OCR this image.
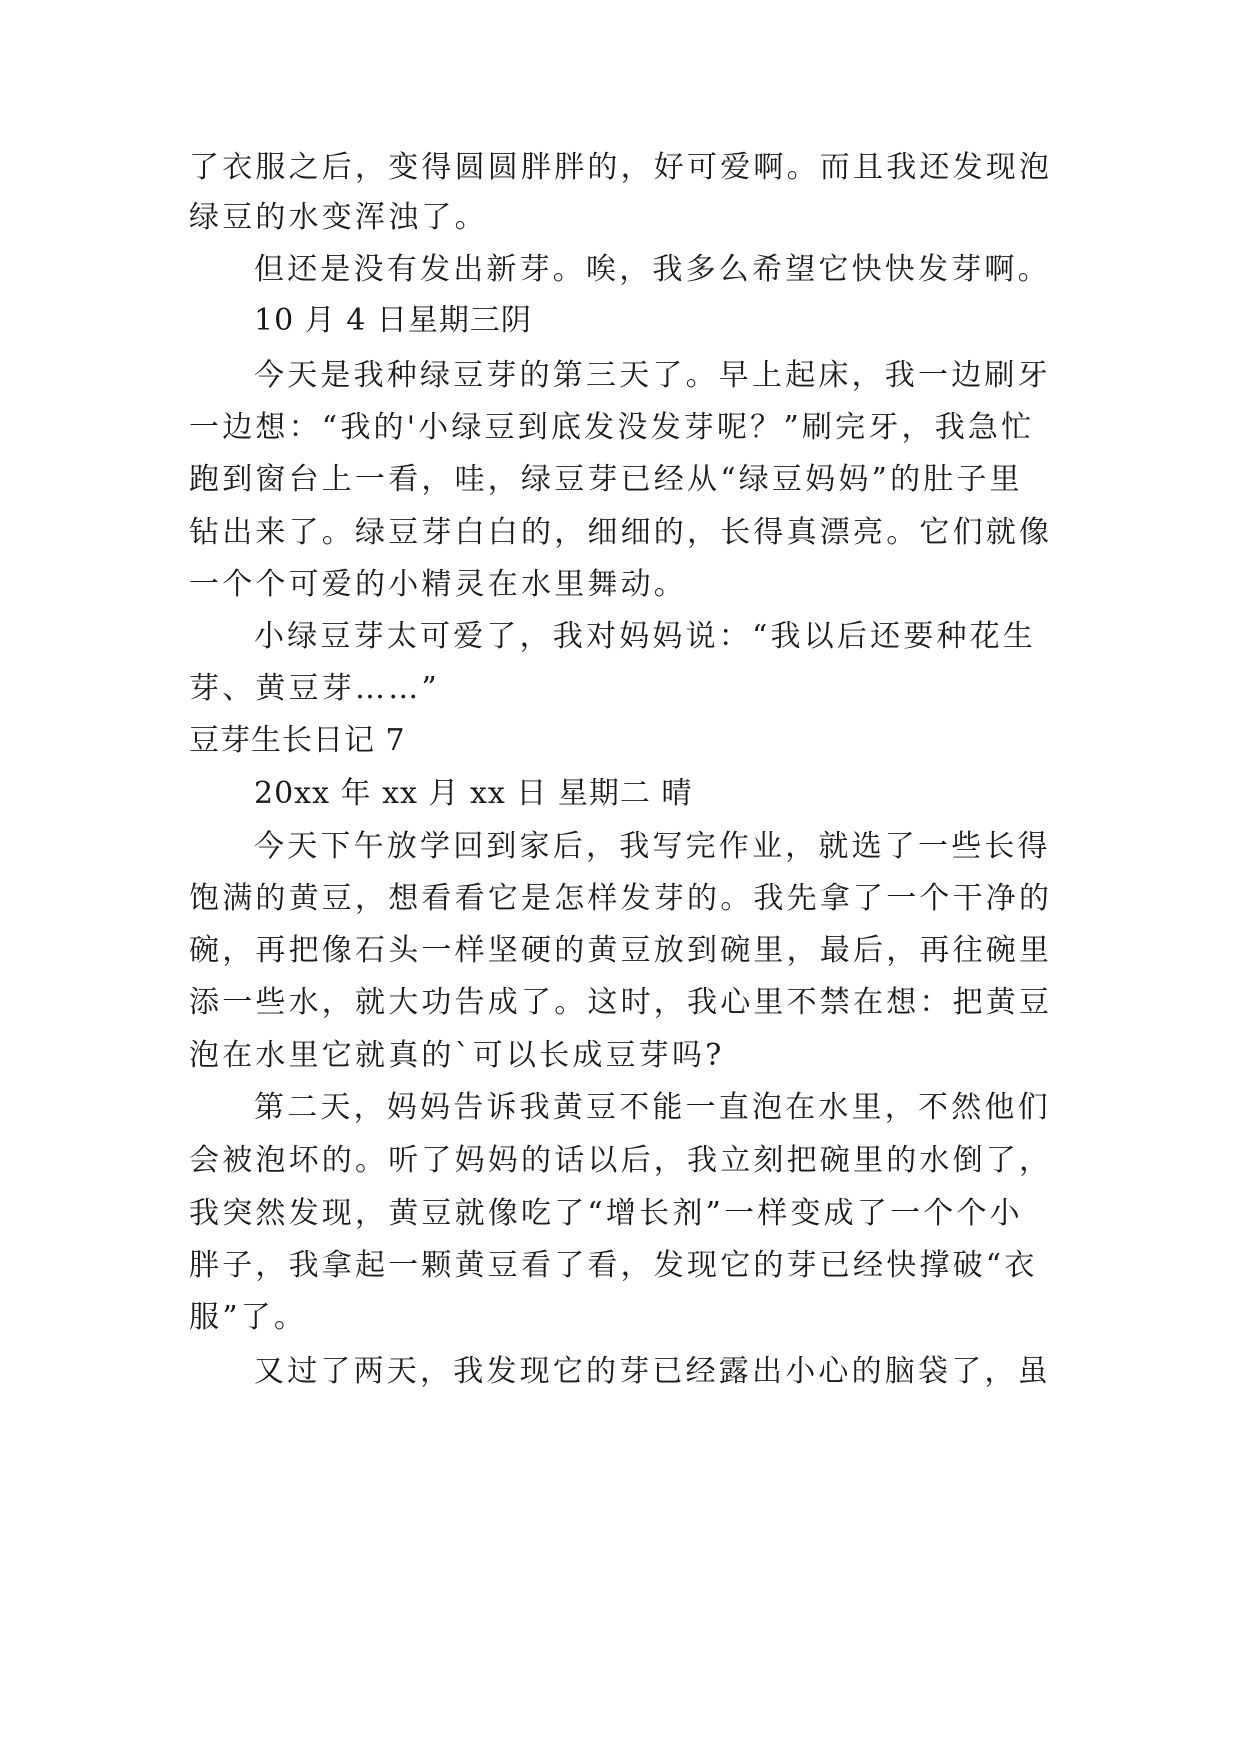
了衣服之后，变得圆圆胖胖的，好可爱啊。而且我还发现泡
绿豆的水变浑浊了。
但还是没有发出新芽。唉，我多么希望它快快发芽啊。
10 月 4 日星期三阴
今天是我种绿豆芽的第三天了。早上起床，我一边刷牙
一边想：“我的'小绿豆到底发没发芽呢？”刷完牙，我急忙
跑到窗台上一看，哇，绿豆芽已经从“绿豆妈妈”的肚子里
钻出来了。绿豆芽白白的，细细的，长得真漂亮。它们就像
一个个可爱的小精灵在水里舞动。
小绿豆芽太可爱了，我对妈妈说：“我以后还要种花生
芽、黄豆芽……”
豆芽生长日记 7
20xx 年 xx 月 xx 日 星期二 晴
今天下午放学回到家后，我写完作业，就选了一些长得
饱满的黄豆，想看看它是怎样发芽的。我先拿了一个干净的
碗，再把像石头一样坚硬的黄豆放到碗里，最后，再往碗里
添一些水，就大功告成了。这时，我心里不禁在想：把黄豆
泡在水里它就真的`可以长成豆芽吗?
第二天，妈妈告诉我黄豆不能一直泡在水里，不然他们
会被泡坏的。听了妈妈的话以后，我立刻把碗里的水倒了，
我突然发现，黄豆就像吃了“增长剂”一样变成了一个个小
胖子，我拿起一颗黄豆看了看，发现它的芽已经快撑破“衣
服”了。
又过了两天，我发现它的芽已经露出小心的脑袋了，虽
